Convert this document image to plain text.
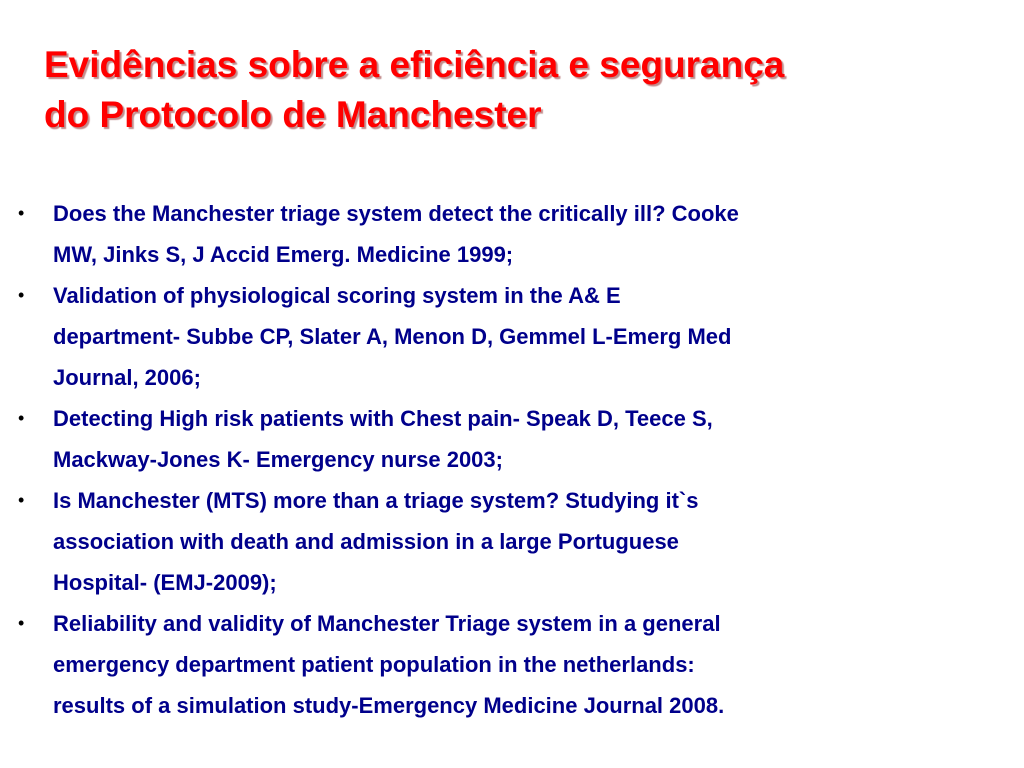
Evidências sobre a eficiência e segurança
do Protocolo de Manchester
• Does the Manchester triage system detect the critically ill? Cooke
MW, Jinks S, J Accid Emerg. Medicine 1999;
• Validation of physiological scoring system in the A& E
department- Subbe CP, Slater A, Menon D, Gemmel L-Emerg Med
Journal, 2006;
• Detecting High risk patients with Chest pain- Speak D, Teece S,
Mackway-Jones K- Emergency nurse 2003;
• Is Manchester (MTS) more than a triage system? Studying it`s
association with death and admission in a large Portuguese
Hospital- (EMJ-2009);
• Reliability and validity of Manchester Triage system in a general
emergency department patient population in the netherlands:
results of a simulation study-Emergency Medicine Journal 2008.
